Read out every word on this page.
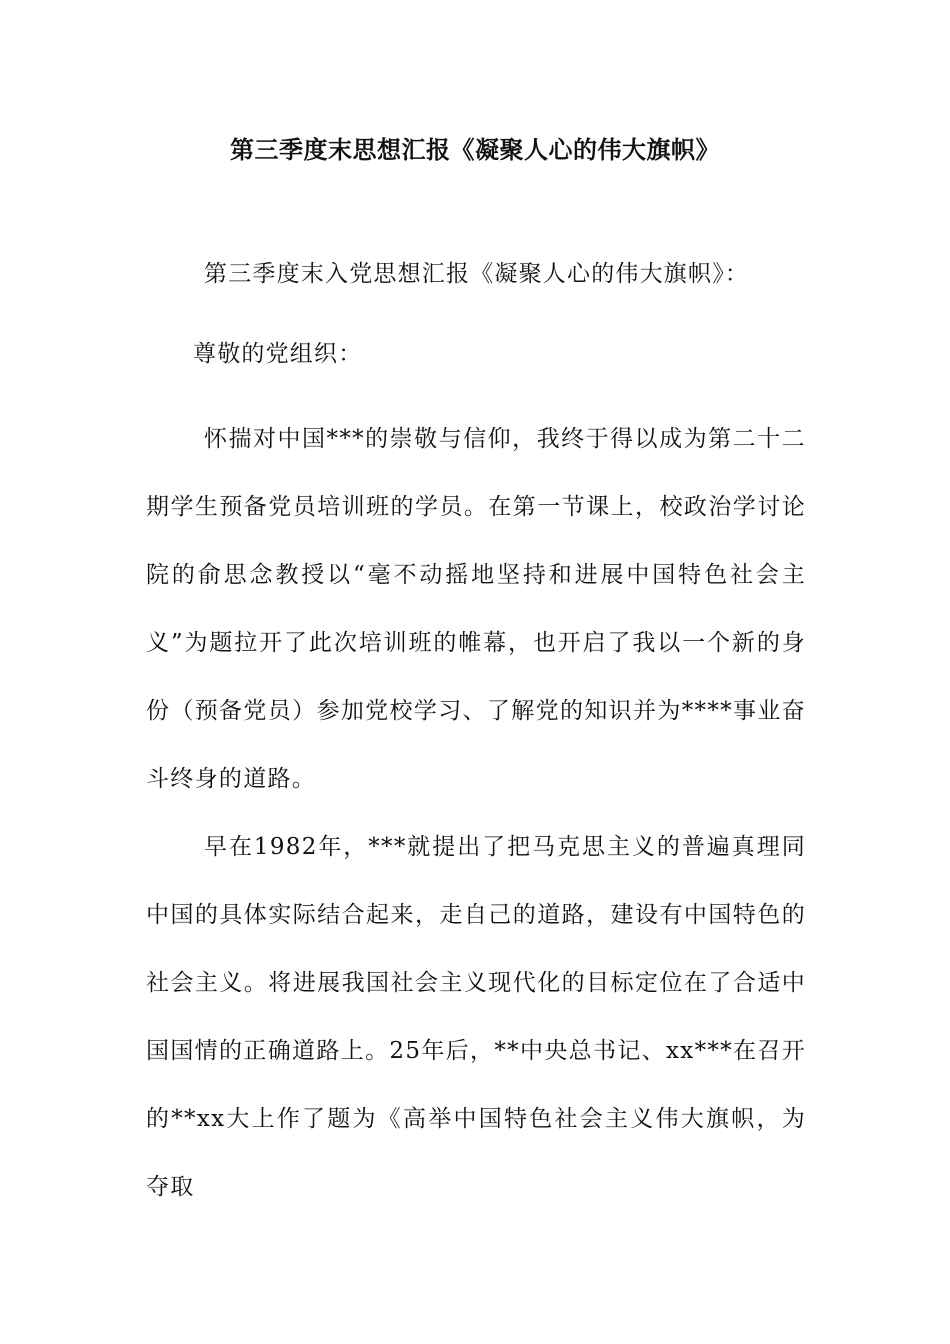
第三季度末思想汇报《凝聚人心的伟大旗帜》
第三季度末入党思想汇报《凝聚人心的伟大旗帜》：
尊敬的党组织：

怀揣对中国***的崇敬与信仰，我终于得以成为第二十二期学生预备党员培训班的学员。在第一节课上，校政治学讨论院的俞思念教授以“毫不动摇地坚持和进展中国特色社会主义”为题拉开了此次培训班的帷幕，也开启了我以一个新的身份（预备党员）参加党校学习、了解党的知识并为****事业奋斗终身的道路。

早在1982年，***就提出了把马克思主义的普遍真理同中国的具体实际结合起来，走自己的道路，建设有中国特色的社会主义。将进展我国社会主义现代化的目标定位在了合适中国国情的正确道路上。25年后，**中央总书记、xx***在召开的**xx大上作了题为《高举中国特色社会主义伟大旗帜，为夺取
